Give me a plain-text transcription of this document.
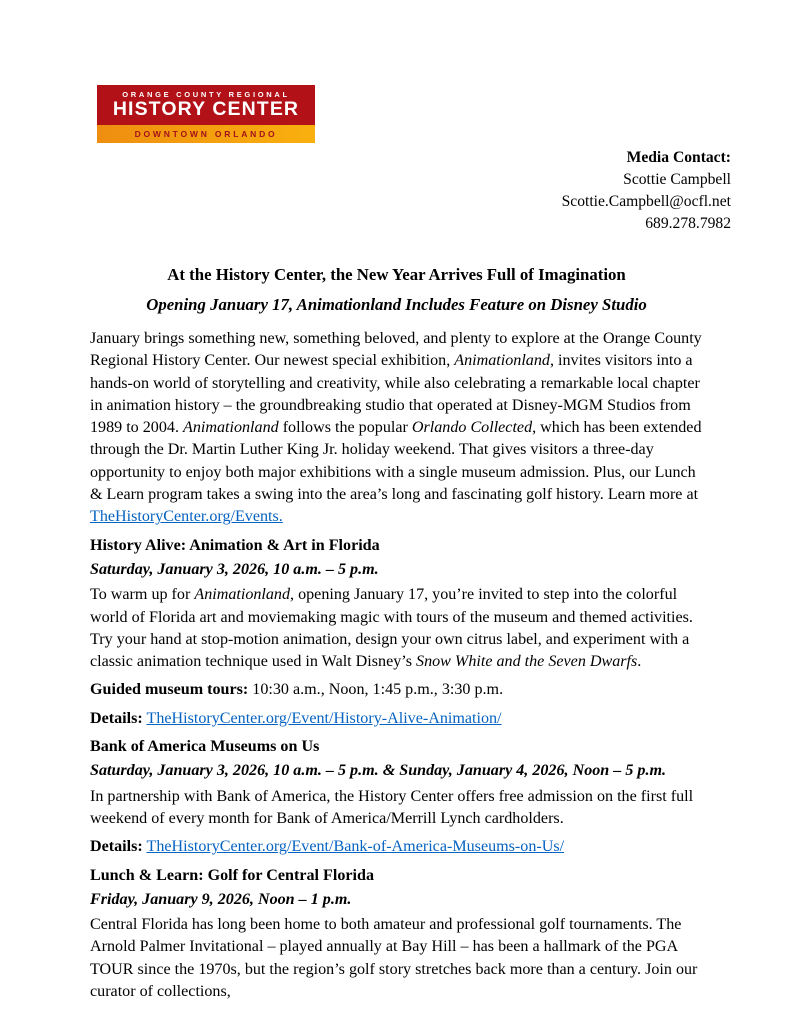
ORANGE COUNTY REGIONAL
HISTORY CENTER
DOWNTOWN ORLANDO
Media Contact:
Scottie Campbell
Scottie.Campbell@ocfl.net
689.278.7982

At the History Center, the New Year Arrives Full of Imagination

Opening January 17, Animationland Includes Feature on Disney Studio

January brings something new, something beloved, and plenty to explore at the Orange County Regional History Center. Our newest special exhibition, Animationland, invites visitors into a hands-on world of storytelling and creativity, while also celebrating a remarkable local chapter in animation history – the groundbreaking studio that operated at Disney-MGM Studios from 1989 to 2004. Animationland follows the popular Orlando Collected, which has been extended through the Dr. Martin Luther King Jr. holiday weekend. That gives visitors a three-day opportunity to enjoy both major exhibitions with a single museum admission. Plus, our Lunch & Learn program takes a swing into the area’s long and fascinating golf history. Learn more at TheHistoryCenter.org/Events.

History Alive: Animation & Art in Florida

Saturday, January 3, 2026, 10 a.m. – 5 p.m.

To warm up for Animationland, opening January 17, you’re invited to step into the colorful world of Florida art and moviemaking magic with tours of the museum and themed activities. Try your hand at stop-motion animation, design your own citrus label, and experiment with a classic animation technique used in Walt Disney’s Snow White and the Seven Dwarfs.

Guided museum tours: 10:30 a.m., Noon, 1:45 p.m., 3:30 p.m.

Details: TheHistoryCenter.org/Event/History-Alive-Animation/

Bank of America Museums on Us

Saturday, January 3, 2026, 10 a.m. – 5 p.m. & Sunday, January 4, 2026, Noon – 5 p.m.

In partnership with Bank of America, the History Center offers free admission on the first full weekend of every month for Bank of America/Merrill Lynch cardholders.

Details: TheHistoryCenter.org/Event/Bank-of-America-Museums-on-Us/

Lunch & Learn: Golf for Central Florida

Friday, January 9, 2026, Noon – 1 p.m.

Central Florida has long been home to both amateur and professional golf tournaments. The Arnold Palmer Invitational – played annually at Bay Hill – has been a hallmark of the PGA TOUR since the 1970s, but the region’s golf story stretches back more than a century. Join our curator of collections,
